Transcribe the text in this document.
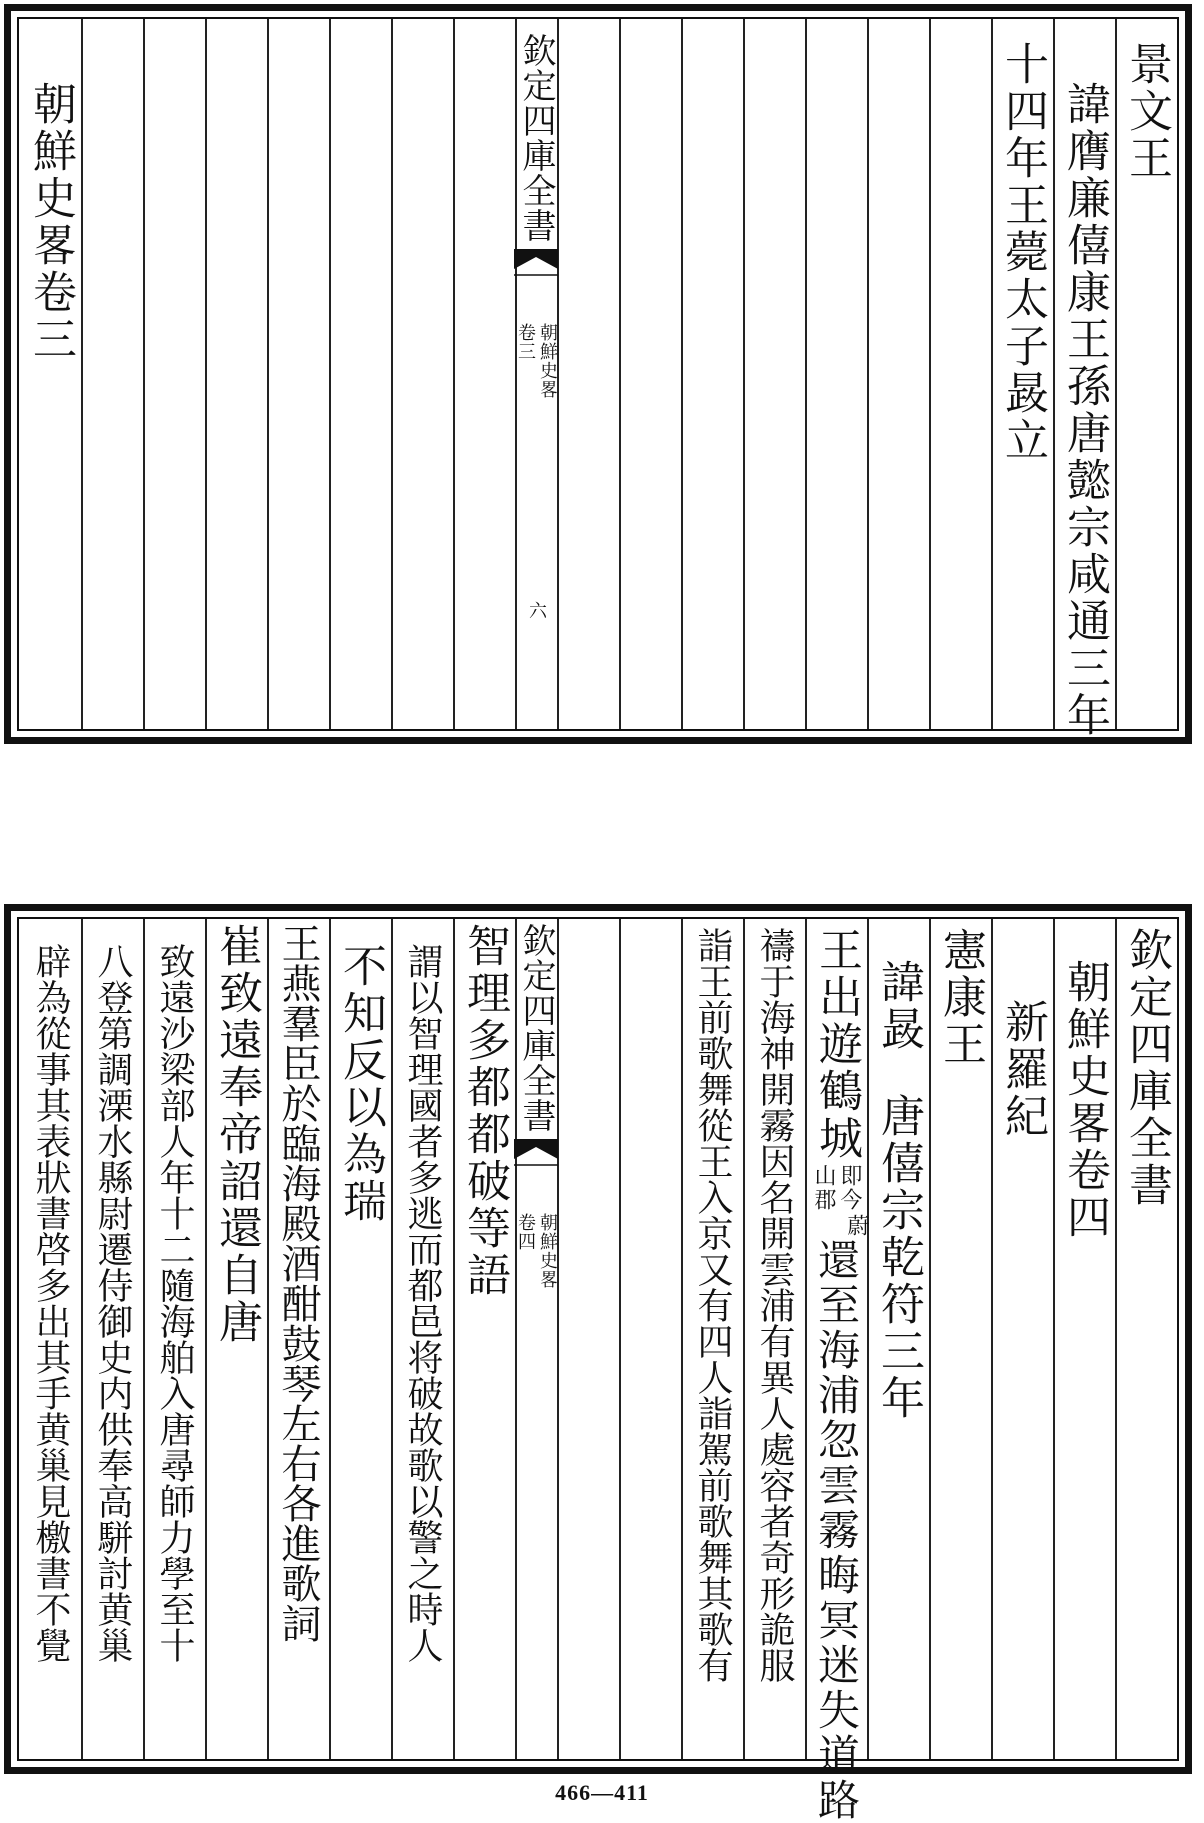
景文王
諱膺廉僖康王孫
唐懿宗咸通三年
十四年王薨太子晸立
欽定四庫全書
朝鮮史畧
卷三
六
朝鮮史畧卷三
欽定四庫全書
朝鮮史畧卷四
新羅紀
憲康王
諱晸
唐僖宗乾符三年
王出遊鶴城
即今
山郡
蔚
還至海浦忽雲霧晦冥迷失道路
禱于海神開霧因名開雲浦有異人處容者奇形詭服
詣王前歌舞從王入京又有四人詣駕前歌舞其歌有
欽定四庫全書
朝鮮史畧
卷四
智理多都都破等語
謂以智理國者多逃而都邑将破故歌以警之時人
不知反以為瑞
王燕羣臣於臨海殿酒酣鼓琴左右各進歌詞
崔致遠奉帝詔還自唐
致遠沙梁部人年十二隨海舶入唐尋師力學至十
八登第調溧水縣尉遷侍御史内供奉高駢討黄巢
辟為從事其表狀書啓多出其手黄巢見檄書不覺
466—411
